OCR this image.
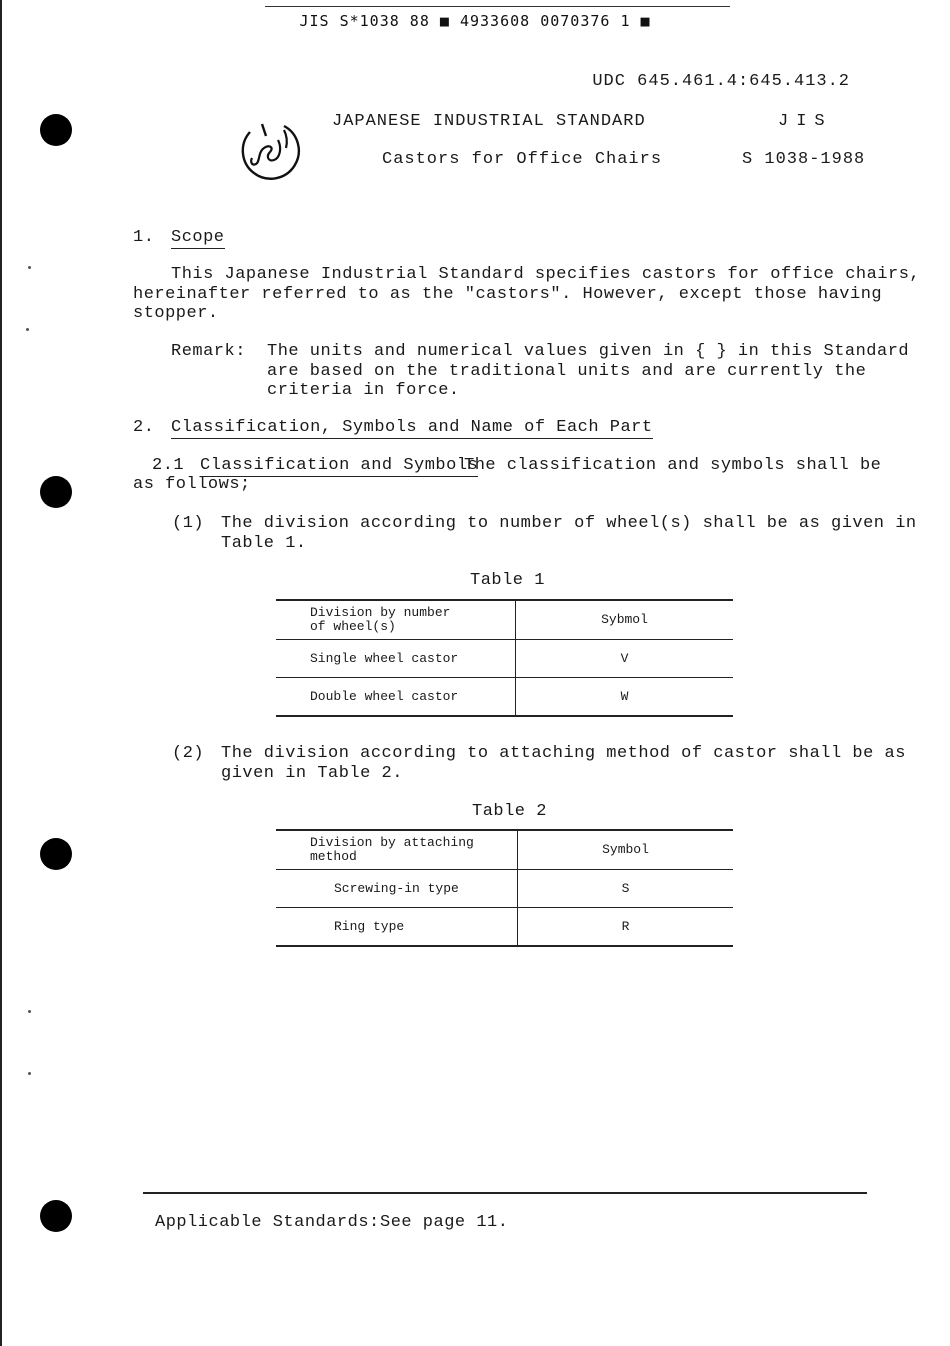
JIS S*1038 88 ■ 4933608 0070376 1 ■
UDC 645.461.4:645.413.2
JAPANESE INDUSTRIAL STANDARD	JIS
Castors for Office Chairs	S 1038-1988
1. Scope
This Japanese Industrial Standard specifies castors for office chairs,
hereinafter referred to as the "castors". However, except those having
stopper.
Remark: The units and numerical values given in { } in this Standard
are based on the traditional units and are currently the
criteria in force.
2. Classification, Symbols and Name of Each Part
2.1 Classification and Symbols
The classification and symbols shall be
as follows;
(1) The division according to number of wheel(s) shall be as given in
Table 1.
Table 1
Division by number
of wheel(s)	Sybmol
Single wheel castor	V
Double wheel castor	W
(2) The division according to attaching method of castor shall be as
given in Table 2.
Table 2
Division by attaching
method	Symbol
Screwing-in type	S
Ring type	R
Applicable Standards: See page 11.
